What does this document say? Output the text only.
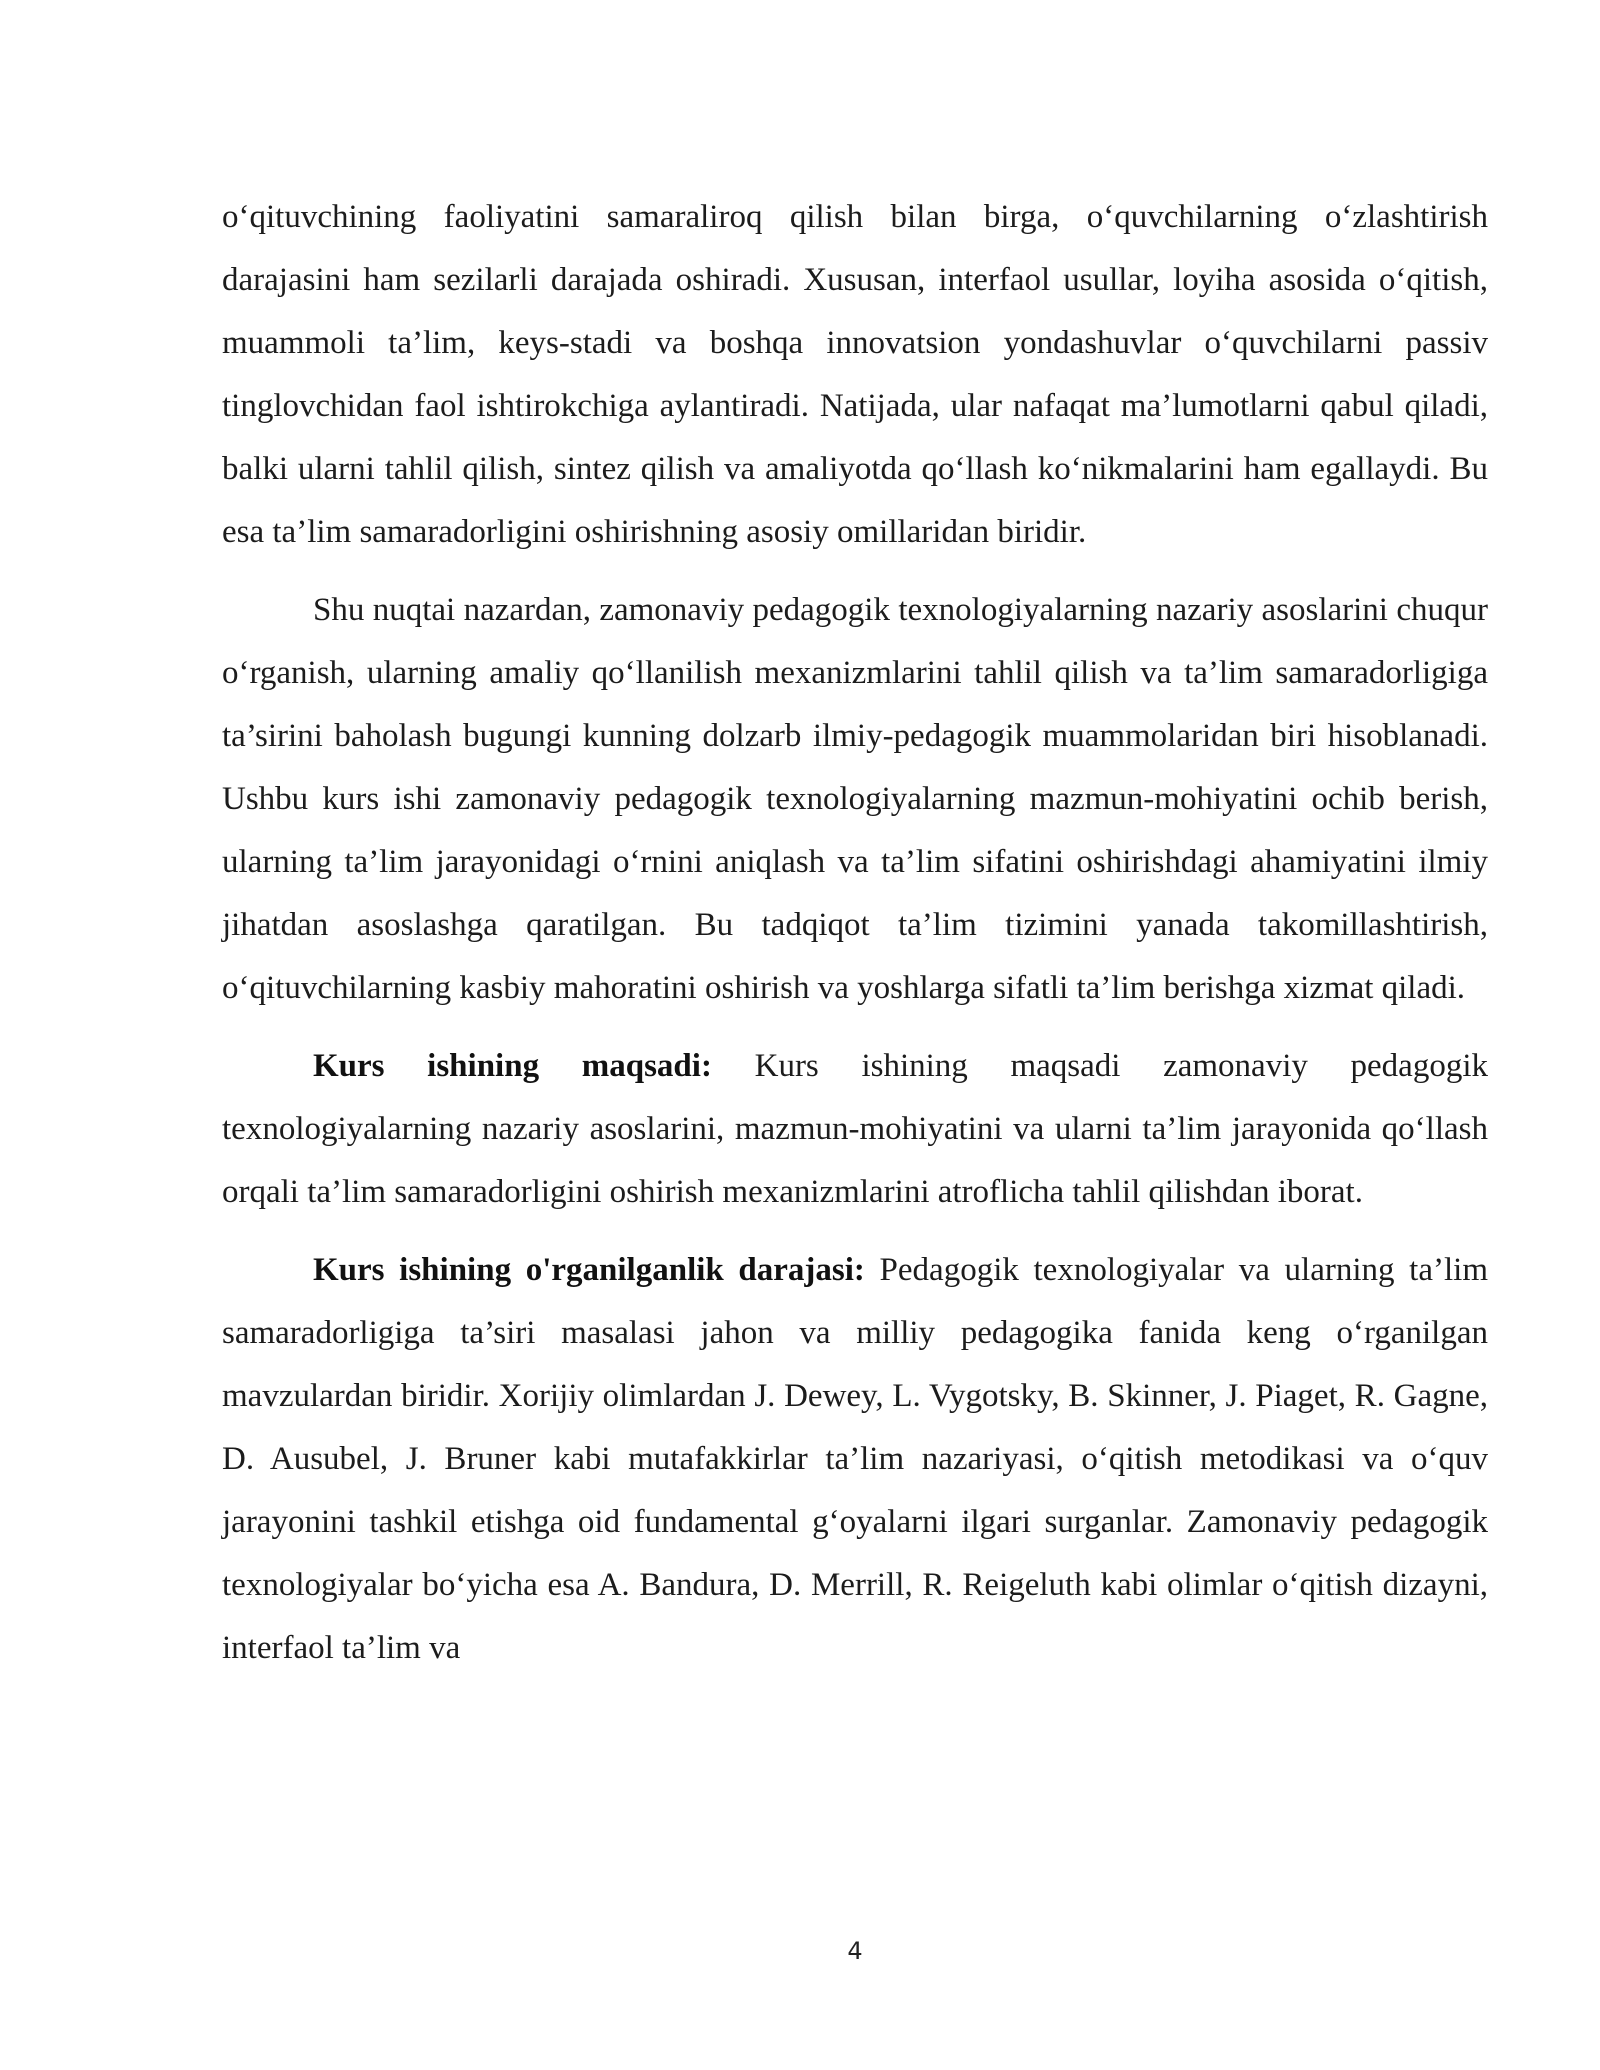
o‘qituvchining faoliyatini samaraliroq qilish bilan birga, o‘quvchilarning o‘zlashtirish darajasini ham sezilarli darajada oshiradi. Xususan, interfaol usullar, loyiha asosida o‘qitish, muammoli ta’lim, keys-stadi va boshqa innovatsion yondashuvlar o‘quvchilarni passiv tinglovchidan faol ishtirokchiga aylantiradi. Natijada, ular nafaqat ma’lumotlarni qabul qiladi, balki ularni tahlil qilish, sintez qilish va amaliyotda qo‘llash ko‘nikmalarini ham egallaydi. Bu esa ta’lim samaradorligini oshirishning asosiy omillaridan biridir.

Shu nuqtai nazardan, zamonaviy pedagogik texnologiyalarning nazariy asoslarini chuqur o‘rganish, ularning amaliy qo‘llanilish mexanizmlarini tahlil qilish va ta’lim samaradorligiga ta’sirini baholash bugungi kunning dolzarb ilmiy-pedagogik muammolaridan biri hisoblanadi. Ushbu kurs ishi zamonaviy pedagogik texnologiyalarning mazmun-mohiyatini ochib berish, ularning ta’lim jarayonidagi o‘rnini aniqlash va ta’lim sifatini oshirishdagi ahamiyatini ilmiy jihatdan asoslashga qaratilgan. Bu tadqiqot ta’lim tizimini yanada takomillashtirish, o‘qituvchilarning kasbiy mahoratini oshirish va yoshlarga sifatli ta’lim berishga xizmat qiladi.

Kurs ishining maqsadi: Kurs ishining maqsadi zamonaviy pedagogik texnologiyalarning nazariy asoslarini, mazmun-mohiyatini va ularni ta’lim jarayonida qo‘llash orqali ta’lim samaradorligini oshirish mexanizmlarini atroflicha tahlil qilishdan iborat.

Kurs ishining o'rganilganlik darajasi: Pedagogik texnologiyalar va ularning ta’lim samaradorligiga ta’siri masalasi jahon va milliy pedagogika fanida keng o‘rganilgan mavzulardan biridir. Xorijiy olimlardan J. Dewey, L. Vygotsky, B. Skinner, J. Piaget, R. Gagne, D. Ausubel, J. Bruner kabi mutafakkirlar ta’lim nazariyasi, o‘qitish metodikasi va o‘quv jarayonini tashkil etishga oid fundamental g‘oyalarni ilgari surganlar. Zamonaviy pedagogik texnologiyalar bo‘yicha esa A. Bandura, D. Merrill, R. Reigeluth kabi olimlar o‘qitish dizayni, interfaol ta’lim va

4
